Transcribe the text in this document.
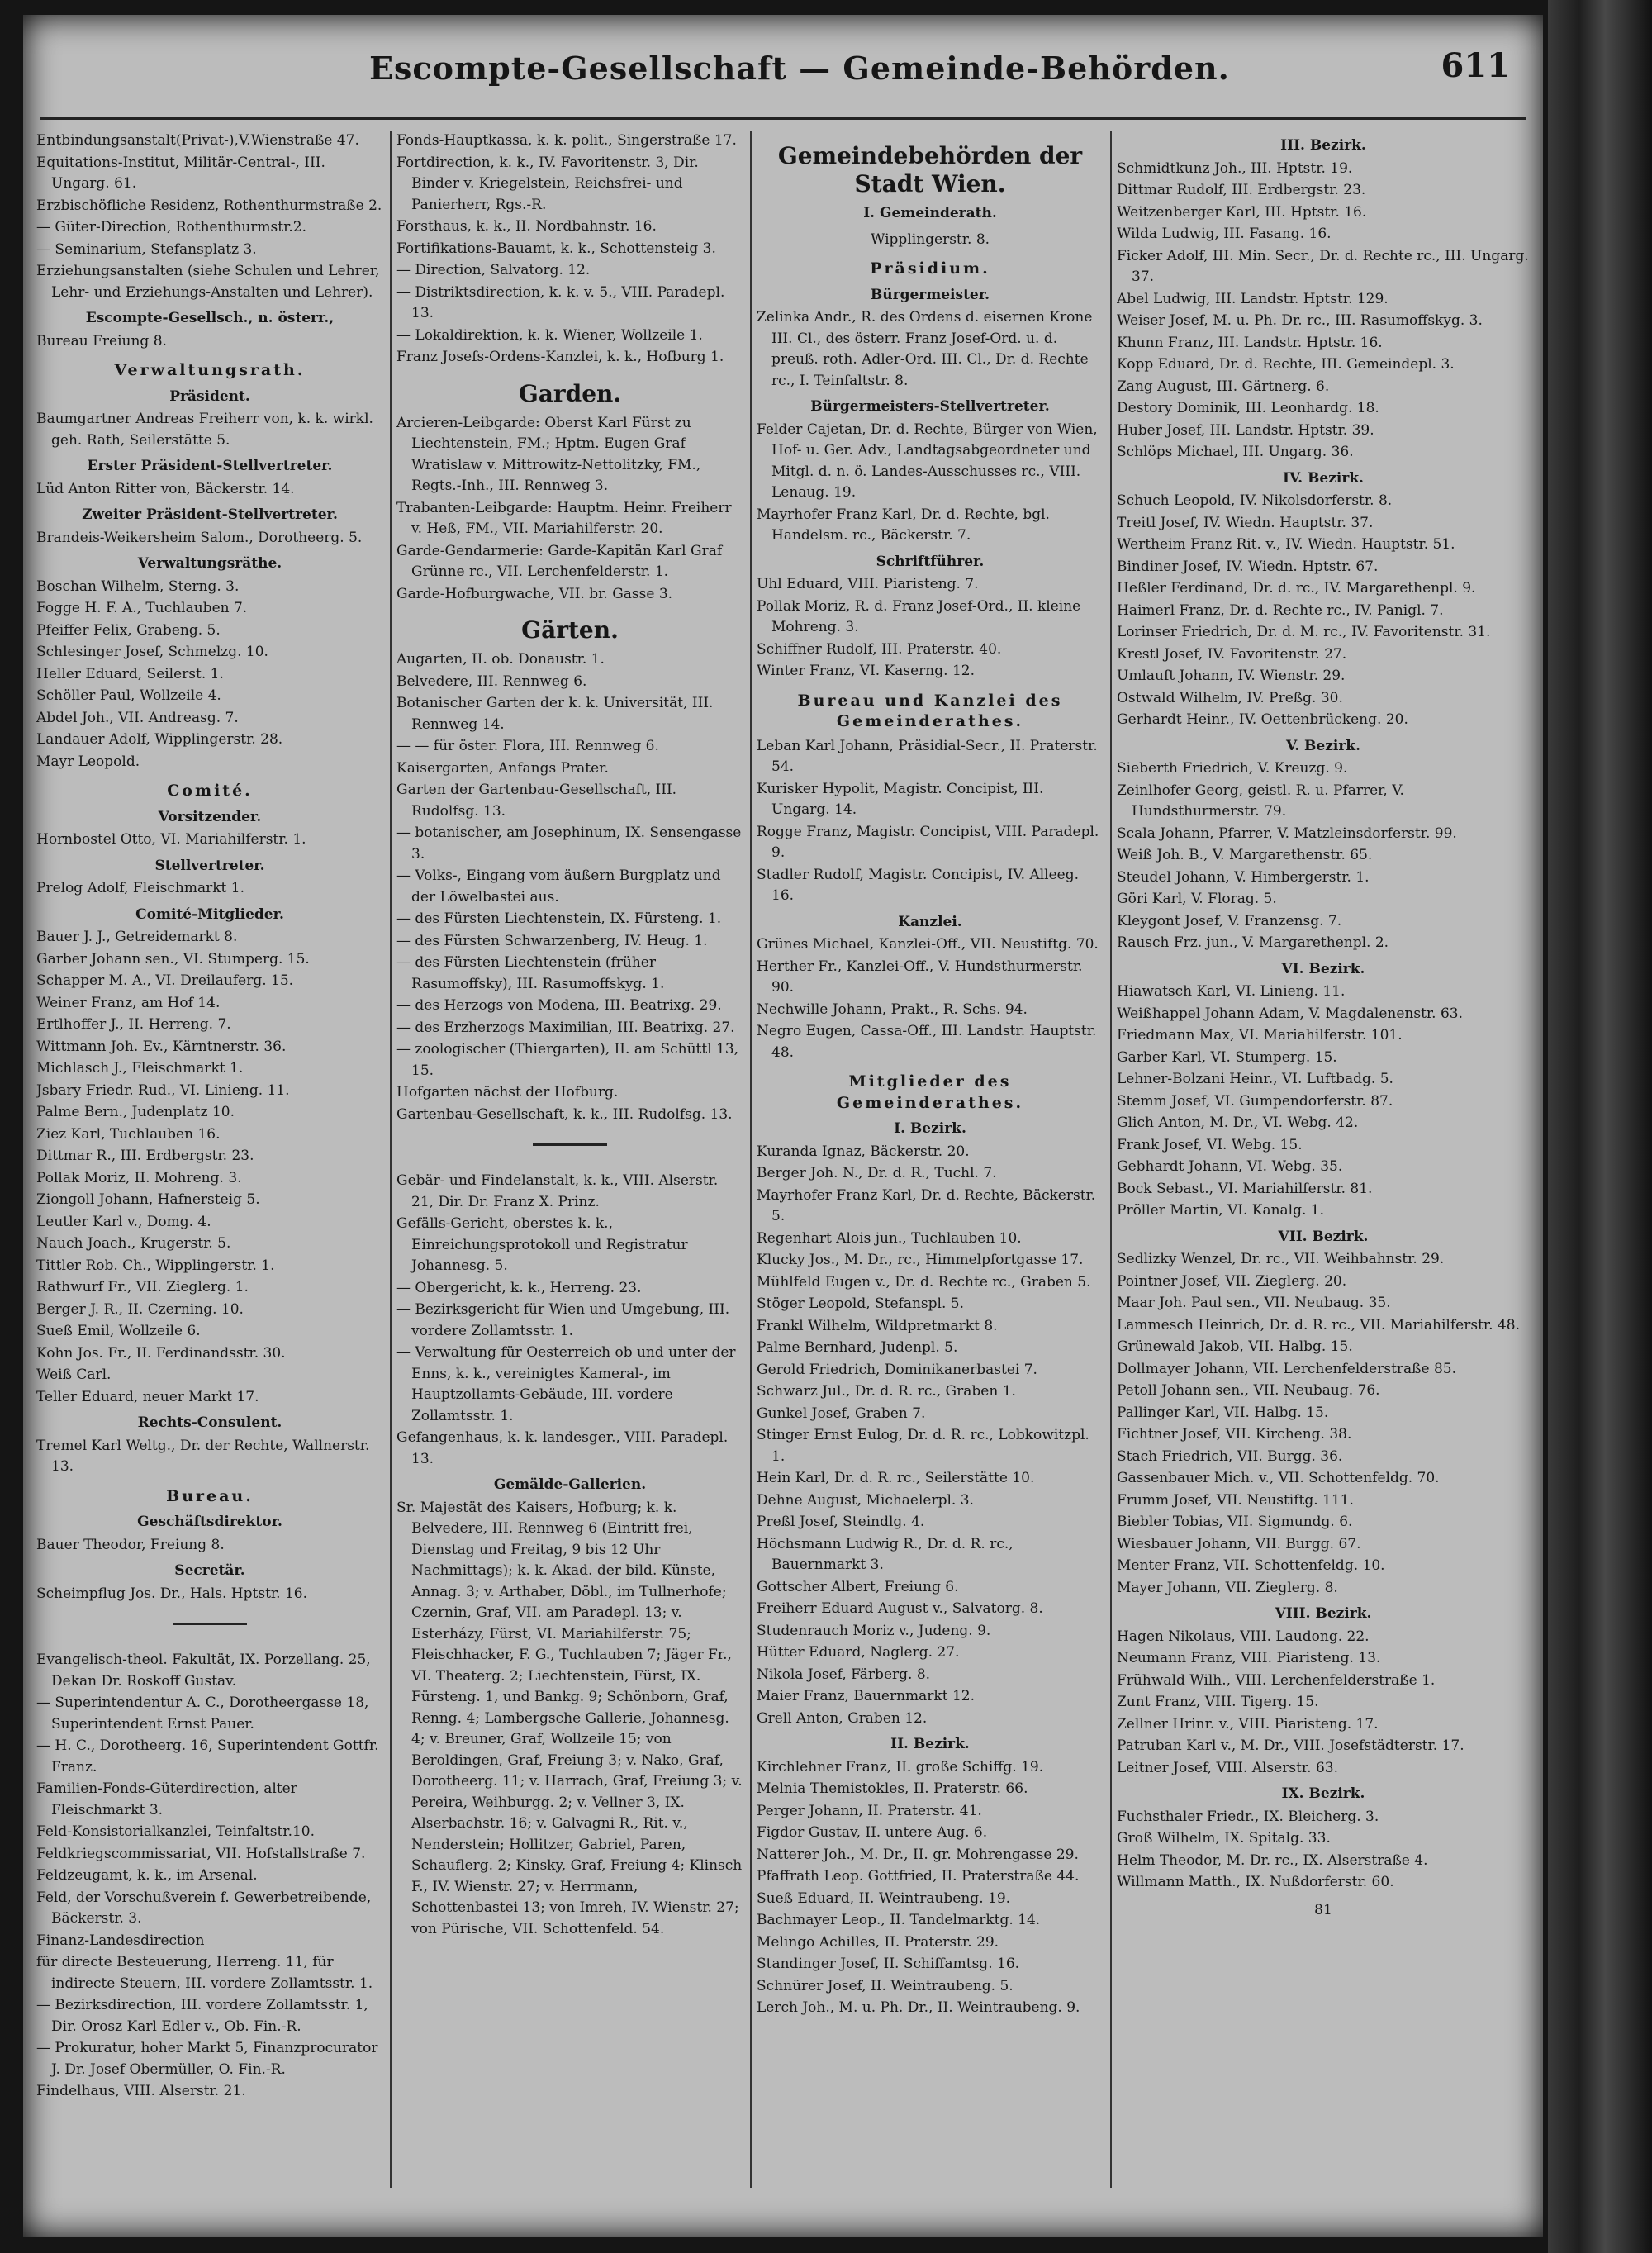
Escompte-Gesellschaft — Gemeinde-Behörden.	611
Entbindungsanstalt(Privat-),V.Wienstraße 47.
Equitations-Institut, Militär-Central-, III. Ungarg. 61.
Erzbischöfliche Residenz, Rothenthurmstraße 2.
— Güter-Direction, Rothenthurmstr.2.
— Seminarium, Stefansplatz 3.
Erziehungsanstalten (siehe Schulen und Lehrer, Lehr- und Erziehungs-Anstalten und Lehrer).
Escompte-Gesellsch., n. österr.,
Bureau Freiung 8.
Verwaltungsrath.
Präsident.
Baumgartner Andreas Freiherr von, k. k. wirkl. geh. Rath, Seilerstätte 5.
Erster Präsident-Stellvertreter.
Lüd Anton Ritter von, Bäckerstr. 14.
Zweiter Präsident-Stellvertreter.
Brandeis-Weikersheim Salom., Dorotheerg. 5.
Verwaltungsräthe.
Boschan Wilhelm, Sterng. 3.
Fogge H. F. A., Tuchlauben 7.
Pfeiffer Felix, Grabeng. 5.
Schlesinger Josef, Schmelzg. 10.
Heller Eduard, Seilerst. 1.
Schöller Paul, Wollzeile 4.
Abdel Joh., VII. Andreasg. 7.
Landauer Adolf, Wipplingerstr. 28.
Mayr Leopold.
Comité.
Vorsitzender.
Hornbostel Otto, VI. Mariahilferstr. 1.
Stellvertreter.
Prelog Adolf, Fleischmarkt 1.
Comité-Mitglieder.
Bauer J. J., Getreidemarkt 8.
Garber Johann sen., VI. Stumperg. 15.
Schapper M. A., VI. Dreilauferg. 15.
Weiner Franz, am Hof 14.
Ertlhoffer J., II. Herreng. 7.
Wittmann Joh. Ev., Kärntnerstr. 36.
Michlasch J., Fleischmarkt 1.
Jsbary Friedr. Rud., VI. Linieng. 11.
Palme Bern., Judenplatz 10.
Ziez Karl, Tuchlauben 16.
Dittmar R., III. Erdbergstr. 23.
Pollak Moriz, II. Mohreng. 3.
Ziongoll Johann, Hafnersteig 5.
Leutler Karl v., Domg. 4.
Nauch Joach., Krugerstr. 5.
Tittler Rob. Ch., Wipplingerstr. 1.
Rathwurf Fr., VII. Zieglerg. 1.
Berger J. R., II. Czerning. 10.
Sueß Emil, Wollzeile 6.
Kohn Jos. Fr., II. Ferdinandsstr. 30.
Weiß Carl.
Teller Eduard, neuer Markt 17.
Rechts-Consulent.
Tremel Karl Weltg., Dr. der Rechte, Wallnerstr. 13.
Bureau.
Geschäftsdirektor.
Bauer Theodor, Freiung 8.
Secretär.
Scheimpflug Jos. Dr., Hals. Hptstr. 16.
Evangelisch-theol. Fakultät, IX. Porzellang. 25, Dekan Dr. Roskoff Gustav.
— Superintendentur A. C., Dorotheergasse 18, Superintendent Ernst Pauer.
— H. C., Dorotheerg. 16, Superintendent Gottfr. Franz.
Familien-Fonds-Güterdirection, alter Fleischmarkt 3.
Feld-Konsistorialkanzlei, Teinfaltstr.10.
Feldkriegscommissariat, VII. Hofstallstraße 7.
Feldzeugamt, k. k., im Arsenal.
Feld, der Vorschußverein f. Gewerbetreibende, Bäckerstr. 3.
Finanz-Landesdirection
für directe Besteuerung, Herreng. 11, für indirecte Steuern, III. vordere Zollamtsstr. 1.
— Bezirksdirection, III. vordere Zollamtsstr. 1, Dir. Orosz Karl Edler v., Ob. Fin.-R.
— Prokuratur, hoher Markt 5, Finanzprocurator J. Dr. Josef Obermüller, O. Fin.-R.
Findelhaus, VIII. Alserstr. 21.
Fonds-Hauptkassa, k. k. polit., Singerstraße 17.
Fortdirection, k. k., IV. Favoritenstr. 3, Dir. Binder v. Kriegelstein, Reichsfrei- und Panierherr, Rgs.-R.
Forsthaus, k. k., II. Nordbahnstr. 16.
Fortifikations-Bauamt, k. k., Schottensteig 3.
— Direction, Salvatorg. 12.
— Distriktsdirection, k. k. v. 5., VIII. Paradepl. 13.
— Lokaldirektion, k. k. Wiener, Wollzeile 1.
Franz Josefs-Ordens-Kanzlei, k. k., Hofburg 1.
Garden.
Arcieren-Leibgarde: Oberst Karl Fürst zu Liechtenstein, FM.; Hptm. Eugen Graf Wratislaw v. Mittrowitz-Nettolitzky, FM., Regts.-Inh., III. Rennweg 3.
Trabanten-Leibgarde: Hauptm. Heinr. Freiherr v. Heß, FM., VII. Mariahilferstr. 20.
Garde-Gendarmerie: Garde-Kapitän Karl Graf Grünne rc., VII. Lerchenfelderstr. 1.
Garde-Hofburgwache, VII. br. Gasse 3.
Gärten.
Augarten, II. ob. Donaustr. 1.
Belvedere, III. Rennweg 6.
Botanischer Garten der k. k. Universität, III. Rennweg 14.
— — für öster. Flora, III. Rennweg 6.
Kaisergarten, Anfangs Prater.
Garten der Gartenbau-Gesellschaft, III. Rudolfsg. 13.
— botanischer, am Josephinum, IX. Sensengasse 3.
— Volks-, Eingang vom äußern Burgplatz und der Löwelbastei aus.
— des Fürsten Liechtenstein, IX. Fürsteng. 1.
— des Fürsten Schwarzenberg, IV. Heug. 1.
— des Fürsten Liechtenstein (früher Rasumoffsky), III. Rasumoffskyg. 1.
— des Herzogs von Modena, III. Beatrixg. 29.
— des Erzherzogs Maximilian, III. Beatrixg. 27.
— zoologischer (Thiergarten), II. am Schüttl 13, 15.
Hofgarten nächst der Hofburg.
Gartenbau-Gesellschaft, k. k., III. Rudolfsg. 13.
Gebär- und Findelanstalt, k. k., VIII. Alserstr. 21, Dir. Dr. Franz X. Prinz.
Gefälls-Gericht, oberstes k. k., Einreichungsprotokoll und Registratur Johannesg. 5.
— Obergericht, k. k., Herreng. 23.
— Bezirksgericht für Wien und Umgebung, III. vordere Zollamtsstr. 1.
— Verwaltung für Oesterreich ob und unter der Enns, k. k., vereinigtes Kameral-, im Hauptzollamts-Gebäude, III. vordere Zollamtsstr. 1.
Gefangenhaus, k. k. landesger., VIII. Paradepl. 13.
Gemälde-Gallerien.
Sr. Majestät des Kaisers, Hofburg; k. k. Belvedere, III. Rennweg 6 (Eintritt frei, Dienstag und Freitag, 9 bis 12 Uhr Nachmittags); k. k. Akad. der bild. Künste, Annag. 3; v. Arthaber, Döbl., im Tullnerhofe; Czernin, Graf, VII. am Paradepl. 13; v. Esterházy, Fürst, VI. Mariahilferstr. 75; Fleischhacker, F. G., Tuchlauben 7; Jäger Fr., VI. Theaterg. 2; Liechtenstein, Fürst, IX. Fürsteng. 1, und Bankg. 9; Schönborn, Graf, Renng. 4; Lambergsche Gallerie, Johannesg. 4; v. Breuner, Graf, Wollzeile 15; von Beroldingen, Graf, Freiung 3; v. Nako, Graf, Dorotheerg. 11; v. Harrach, Graf, Freiung 3; v. Pereira, Weihburgg. 2; v. Vellner 3, IX. Alserbachstr. 16; v. Galvagni R., Rit. v., Nenderstein; Hollitzer, Gabriel, Paren, Schauflerg. 2; Kinsky, Graf, Freiung 4; Klinsch F., IV. Wienstr. 27; v. Herrmann, Schottenbastei 13; von Imreh, IV. Wienstr. 27; von Pürische, VII. Schottenfeld. 54.
Gemeindebehörden der Stadt Wien.
I. Gemeinderath.
Wipplingerstr. 8.
Präsidium.
Bürgermeister.
Zelinka Andr., R. des Ordens d. eisernen Krone III. Cl., des österr. Franz Josef-Ord. u. d. preuß. roth. Adler-Ord. III. Cl., Dr. d. Rechte rc., I. Teinfaltstr. 8.
Bürgermeisters-Stellvertreter.
Felder Cajetan, Dr. d. Rechte, Bürger von Wien, Hof- u. Ger. Adv., Landtagsabgeordneter und Mitgl. d. n. ö. Landes-Ausschusses rc., VIII. Lenaug. 19.
Mayrhofer Franz Karl, Dr. d. Rechte, bgl. Handelsm. rc., Bäckerstr. 7.
Schriftführer.
Uhl Eduard, VIII. Piaristeng. 7.
Pollak Moriz, R. d. Franz Josef-Ord., II. kleine Mohreng. 3.
Schiffner Rudolf, III. Praterstr. 40.
Winter Franz, VI. Kaserng. 12.
Bureau und Kanzlei des Gemeinderathes.
Leban Karl Johann, Präsidial-Secr., II. Praterstr. 54.
Kurisker Hypolit, Magistr. Concipist, III. Ungarg. 14.
Rogge Franz, Magistr. Concipist, VIII. Paradepl. 9.
Stadler Rudolf, Magistr. Concipist, IV. Alleeg. 16.
Kanzlei.
Grünes Michael, Kanzlei-Off., VII. Neustiftg. 70.
Herther Fr., Kanzlei-Off., V. Hundsthurmerstr. 90.
Nechwille Johann, Prakt., R. Schs. 94.
Negro Eugen, Cassa-Off., III. Landstr. Hauptstr. 48.
Mitglieder des Gemeinderathes.
I. Bezirk.
Kuranda Ignaz, Bäckerstr. 20.
Berger Joh. N., Dr. d. R., Tuchl. 7.
Mayrhofer Franz Karl, Dr. d. Rechte, Bäckerstr. 5.
Regenhart Alois jun., Tuchlauben 10.
Klucky Jos., M. Dr., rc., Himmelpfortgasse 17.
Mühlfeld Eugen v., Dr. d. Rechte rc., Graben 5.
Stöger Leopold, Stefanspl. 5.
Frankl Wilhelm, Wildpretmarkt 8.
Palme Bernhard, Judenpl. 5.
Gerold Friedrich, Dominikanerbastei 7.
Schwarz Jul., Dr. d. R. rc., Graben 1.
Gunkel Josef, Graben 7.
Stinger Ernst Eulog, Dr. d. R. rc., Lobkowitzpl. 1.
Hein Karl, Dr. d. R. rc., Seilerstätte 10.
Dehne August, Michaelerpl. 3.
Preßl Josef, Steindlg. 4.
Höchsmann Ludwig R., Dr. d. R. rc., Bauernmarkt 3.
Gottscher Albert, Freiung 6.
Freiherr Eduard August v., Salvatorg. 8.
Studenrauch Moriz v., Judeng. 9.
Hütter Eduard, Naglerg. 27.
Nikola Josef, Färberg. 8.
Maier Franz, Bauernmarkt 12.
Grell Anton, Graben 12.
II. Bezirk.
Kirchlehner Franz, II. große Schiffg. 19.
Melnia Themistokles, II. Praterstr. 66.
Perger Johann, II. Praterstr. 41.
Figdor Gustav, II. untere Aug. 6.
Natterer Joh., M. Dr., II. gr. Mohrengasse 29.
Pfaffrath Leop. Gottfried, II. Praterstraße 44.
Sueß Eduard, II. Weintraubeng. 19.
Bachmayer Leop., II. Tandelmarktg. 14.
Melingo Achilles, II. Praterstr. 29.
Standinger Josef, II. Schiffamtsg. 16.
Schnürer Josef, II. Weintraubeng. 5.
Lerch Joh., M. u. Ph. Dr., II. Weintraubeng. 9.
III. Bezirk.
Schmidtkunz Joh., III. Hptstr. 19.
Dittmar Rudolf, III. Erdbergstr. 23.
Weitzenberger Karl, III. Hptstr. 16.
Wilda Ludwig, III. Fasang. 16.
Ficker Adolf, III. Min. Secr., Dr. d. Rechte rc., III. Ungarg. 37.
Abel Ludwig, III. Landstr. Hptstr. 129.
Weiser Josef, M. u. Ph. Dr. rc., III. Rasumoffskyg. 3.
Khunn Franz, III. Landstr. Hptstr. 16.
Kopp Eduard, Dr. d. Rechte, III. Gemeindepl. 3.
Zang August, III. Gärtnerg. 6.
Destory Dominik, III. Leonhardg. 18.
Huber Josef, III. Landstr. Hptstr. 39.
Schlöps Michael, III. Ungarg. 36.
IV. Bezirk.
Schuch Leopold, IV. Nikolsdorferstr. 8.
Treitl Josef, IV. Wiedn. Hauptstr. 37.
Wertheim Franz Rit. v., IV. Wiedn. Hauptstr. 51.
Bindiner Josef, IV. Wiedn. Hptstr. 67.
Heßler Ferdinand, Dr. d. rc., IV. Margarethenpl. 9.
Haimerl Franz, Dr. d. Rechte rc., IV. Panigl. 7.
Lorinser Friedrich, Dr. d. M. rc., IV. Favoritenstr. 31.
Krestl Josef, IV. Favoritenstr. 27.
Umlauft Johann, IV. Wienstr. 29.
Ostwald Wilhelm, IV. Preßg. 30.
Gerhardt Heinr., IV. Oettenbrückeng. 20.
V. Bezirk.
Sieberth Friedrich, V. Kreuzg. 9.
Zeinlhofer Georg, geistl. R. u. Pfarrer, V. Hundsthurmerstr. 79.
Scala Johann, Pfarrer, V. Matzleinsdorferstr. 99.
Weiß Joh. B., V. Margarethenstr. 65.
Steudel Johann, V. Himbergerstr. 1.
Göri Karl, V. Florag. 5.
Kleygont Josef, V. Franzensg. 7.
Rausch Frz. jun., V. Margarethenpl. 2.
VI. Bezirk.
Hiawatsch Karl, VI. Linieng. 11.
Weißhappel Johann Adam, V. Magdalenenstr. 63.
Friedmann Max, VI. Mariahilferstr. 101.
Garber Karl, VI. Stumperg. 15.
Lehner-Bolzani Heinr., VI. Luftbadg. 5.
Stemm Josef, VI. Gumpendorferstr. 87.
Glich Anton, M. Dr., VI. Webg. 42.
Frank Josef, VI. Webg. 15.
Gebhardt Johann, VI. Webg. 35.
Bock Sebast., VI. Mariahilferstr. 81.
Pröller Martin, VI. Kanalg. 1.
VII. Bezirk.
Sedlizky Wenzel, Dr. rc., VII. Weihbahnstr. 29.
Pointner Josef, VII. Zieglerg. 20.
Maar Joh. Paul sen., VII. Neubaug. 35.
Lammesch Heinrich, Dr. d. R. rc., VII. Mariahilferstr. 48.
Grünewald Jakob, VII. Halbg. 15.
Dollmayer Johann, VII. Lerchenfelderstraße 85.
Petoll Johann sen., VII. Neubaug. 76.
Pallinger Karl, VII. Halbg. 15.
Fichtner Josef, VII. Kircheng. 38.
Stach Friedrich, VII. Burgg. 36.
Gassenbauer Mich. v., VII. Schottenfeldg. 70.
Frumm Josef, VII. Neustiftg. 111.
Biebler Tobias, VII. Sigmundg. 6.
Wiesbauer Johann, VII. Burgg. 67.
Menter Franz, VII. Schottenfeldg. 10.
Mayer Johann, VII. Zieglerg. 8.
VIII. Bezirk.
Hagen Nikolaus, VIII. Laudong. 22.
Neumann Franz, VIII. Piaristeng. 13.
Frühwald Wilh., VIII. Lerchenfelderstraße 1.
Zunt Franz, VIII. Tigerg. 15.
Zellner Hrinr. v., VIII. Piaristeng. 17.
Patruban Karl v., M. Dr., VIII. Josefstädterstr. 17.
Leitner Josef, VIII. Alserstr. 63.
IX. Bezirk.
Fuchsthaler Friedr., IX. Bleicherg. 3.
Groß Wilhelm, IX. Spitalg. 33.
Helm Theodor, M. Dr. rc., IX. Alserstraße 4.
Willmann Matth., IX. Nußdorferstr. 60.
81
